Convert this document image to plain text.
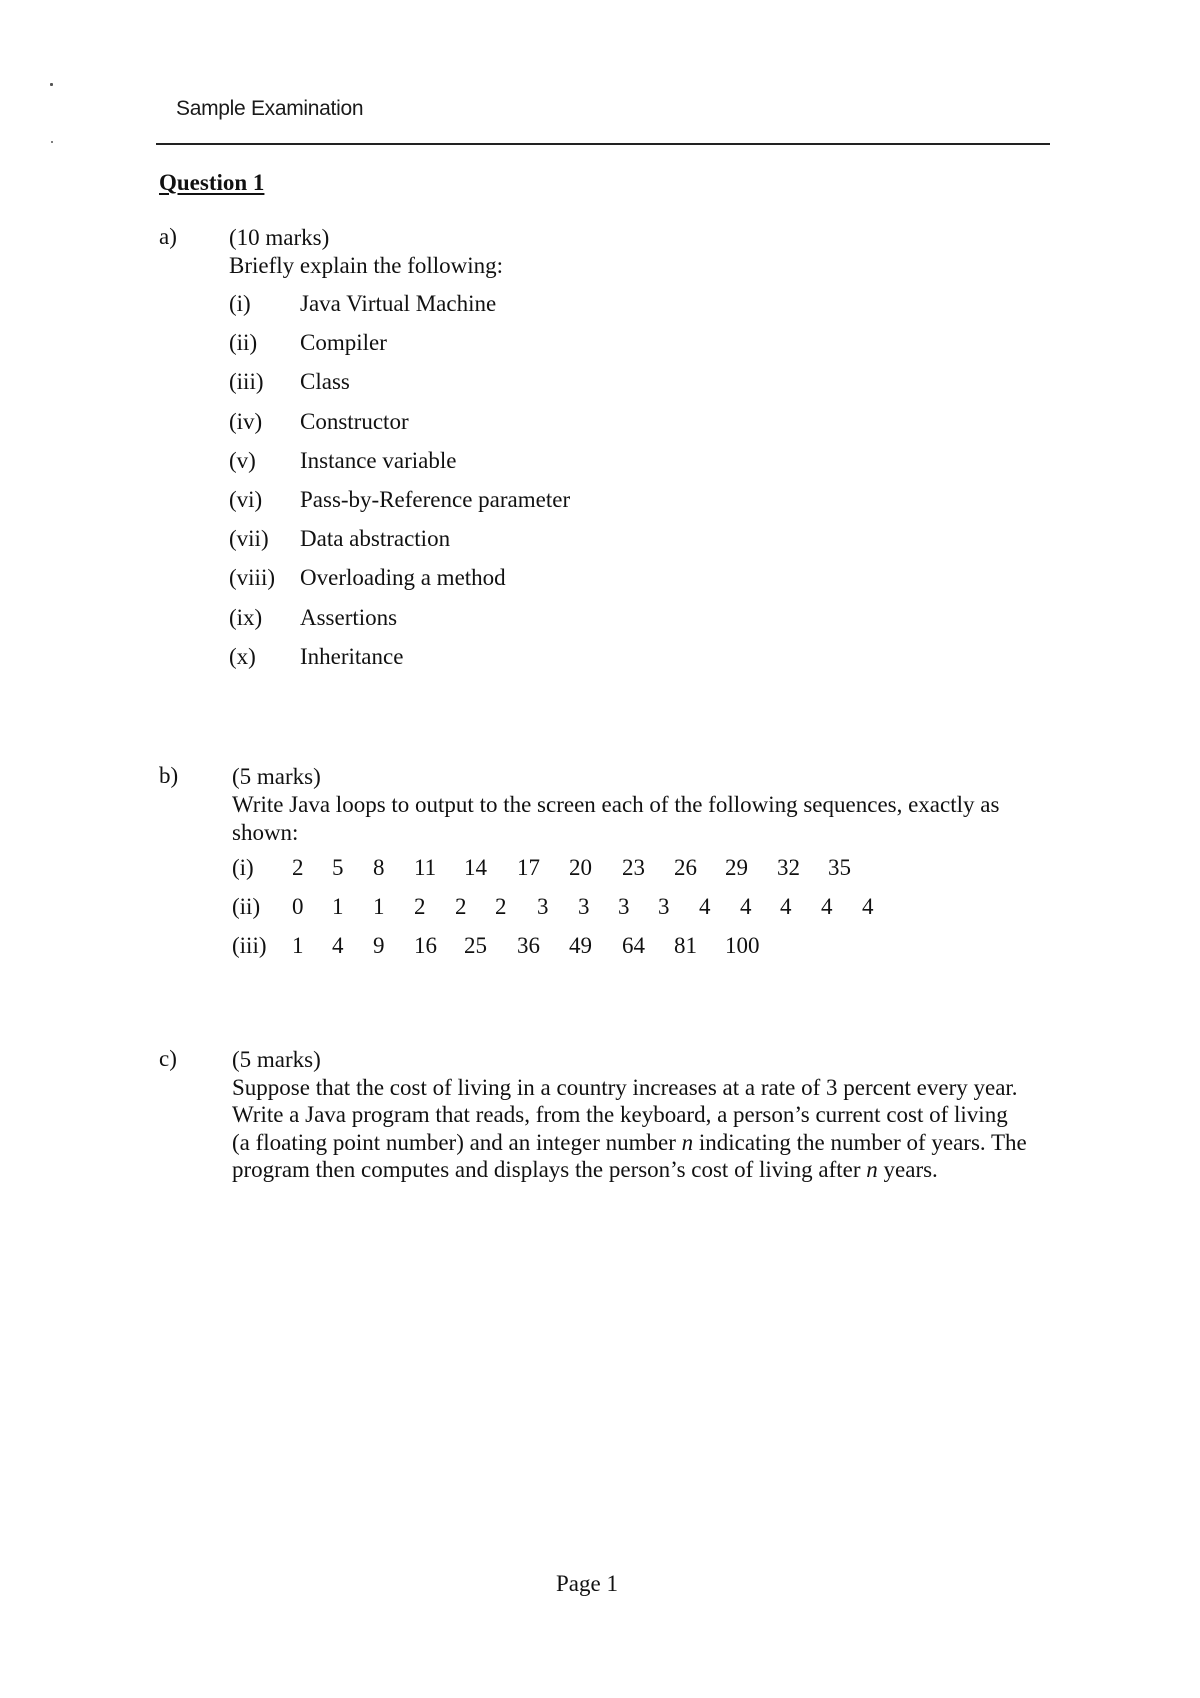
Sample Examination
Question 1
a) (10 marks)
Briefly explain the following:
(i)	Java Virtual Machine
(ii)	Compiler
(iii)	Class
(iv)	Constructor
(v)	Instance variable
(vi)	Pass-by-Reference parameter
(vii)	Data abstraction
(viii)	Overloading a method
(ix)	Assertions
(x)	Inheritance
b) (5 marks)
Write Java loops to output to the screen each of the following sequences, exactly as
shown:
(i) 2 5 8 11 14 17 20 23 26 29 32 35
(ii) 0 1 1 2 2 2 3 3 3 3 4 4 4 4 4
(iii) 1 4 9 16 25 36 49 64 81 100
c) (5 marks)
Suppose that the cost of living in a country increases at a rate of 3 percent every year.
Write a Java program that reads, from the keyboard, a person’s current cost of living
(a floating point number) and an integer number n indicating the number of years. The
program then computes and displays the person’s cost of living after n years.
Page 1
